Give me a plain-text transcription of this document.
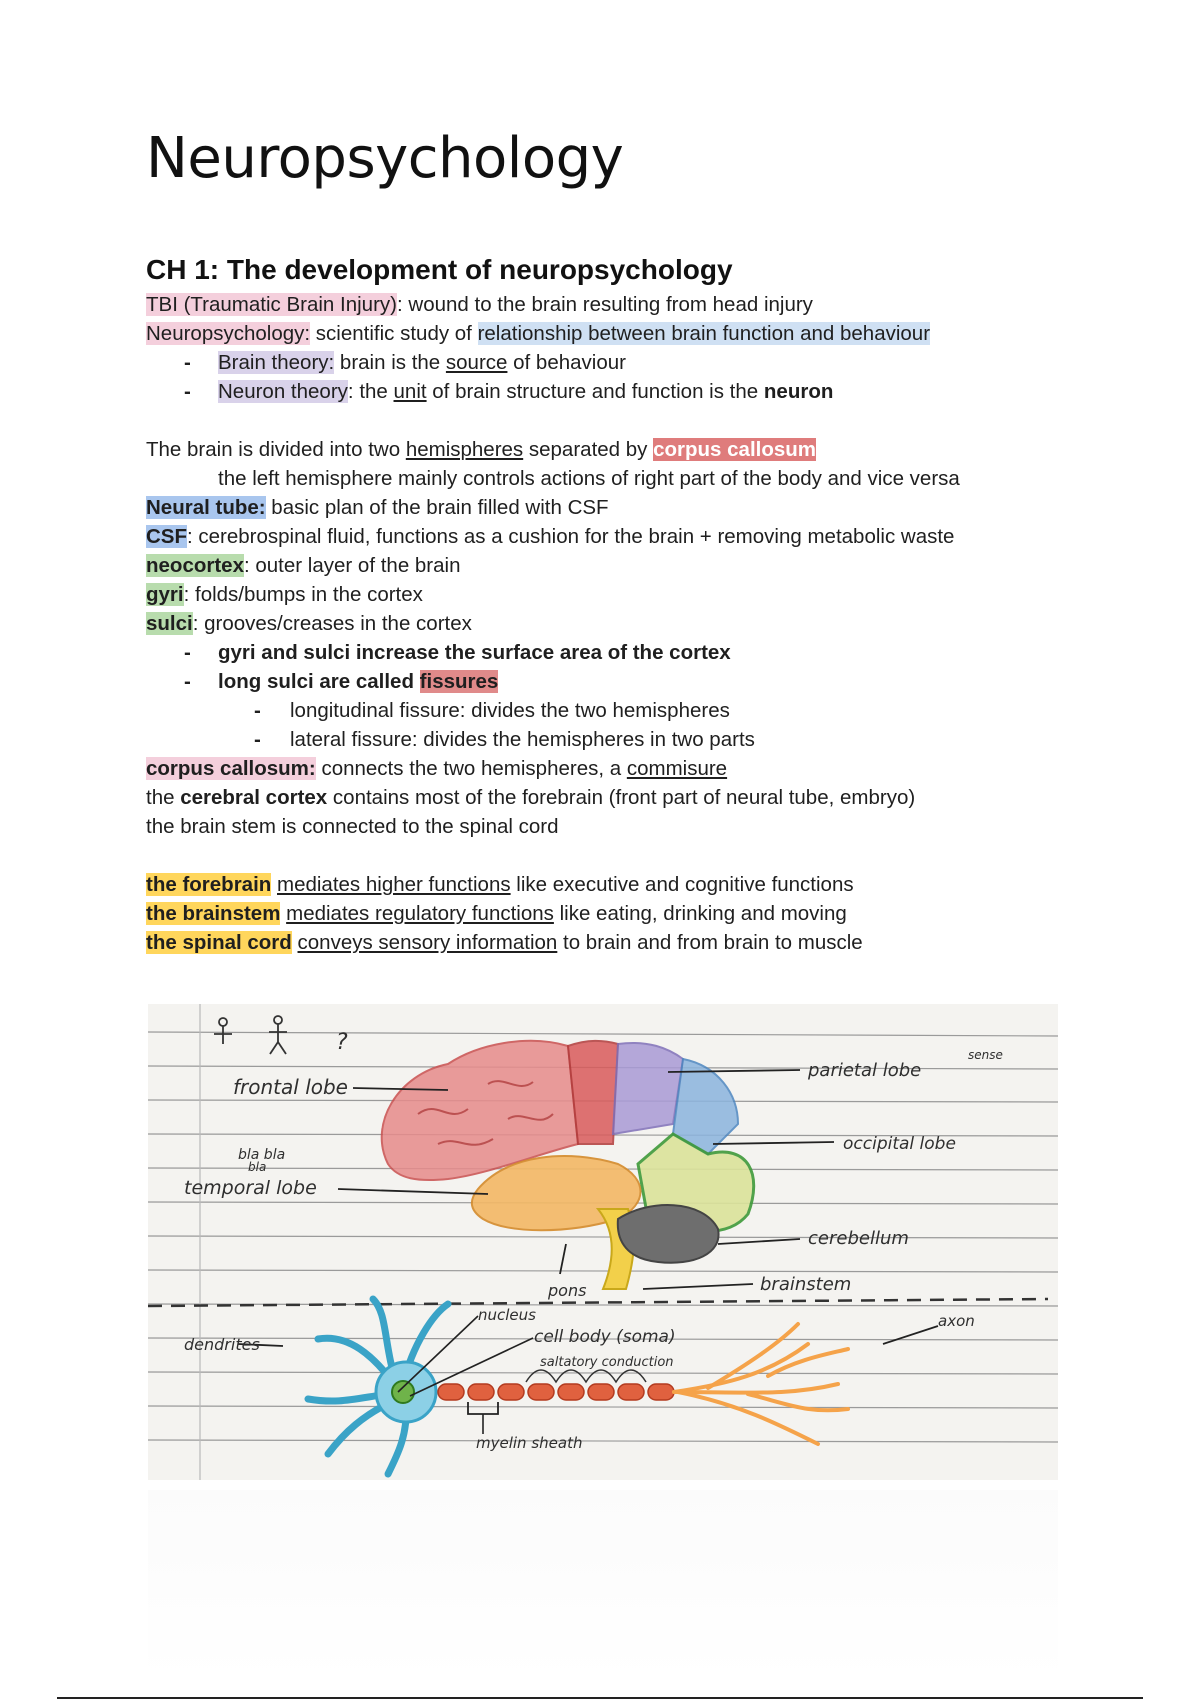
Neuropsychology
CH 1: The development of neuropsychology
TBI (Traumatic Brain Injury): wound to the brain resulting from head injury
Neuropsychology: scientific study of relationship between brain function and behaviour
- Brain theory: brain is the source of behaviour
- Neuron theory: the unit of brain structure and function is the neuron
The brain is divided into two hemispheres separated by corpus callosum
the left hemisphere mainly controls actions of right part of the body and vice versa
Neural tube: basic plan of the brain filled with CSF
CSF: cerebrospinal fluid, functions as a cushion for the brain + removing metabolic waste
neocortex: outer layer of the brain
gyri: folds/bumps in the cortex
sulci: grooves/creases in the cortex
- gyri and sulci increase the surface area of the cortex
- long sulci are called fissures
- longitudinal fissure: divides the two hemispheres
- lateral fissure: divides the hemispheres in two parts
corpus callosum: connects the two hemispheres, a commisure
the cerebral cortex contains most of the forebrain (front part of neural tube, embryo)
the brain stem is connected to the spinal cord
the forebrain mediates higher functions like executive and cognitive functions
the brainstem mediates regulatory functions like eating, drinking and moving
the spinal cord conveys sensory information to brain and from brain to muscle
?
frontal lobe
parietal lobe
sense
occipital lobe
bla bla
bla
temporal lobe
cerebellum
brainstem
pons
nucleus
cell body (soma)
saltatory conduction
dendrites
axon
myelin sheath
